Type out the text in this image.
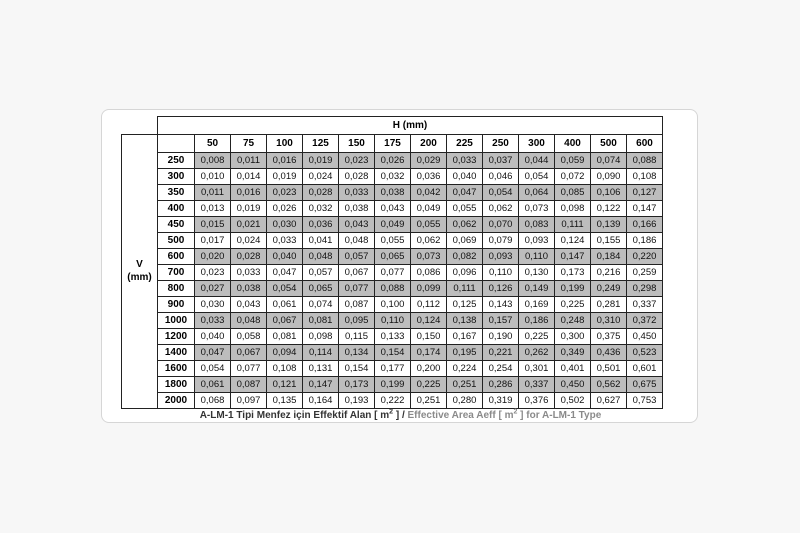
	H (mm)													
V
(mm)		50	75	100	125	150	175	200	225	250	300	400	500	600
	250	0,008	0,011	0,016	0,019	0,023	0,026	0,029	0,033	0,037	0,044	0,059	0,074	0,088
	300	0,010	0,014	0,019	0,024	0,028	0,032	0,036	0,040	0,046	0,054	0,072	0,090	0,108
	350	0,011	0,016	0,023	0,028	0,033	0,038	0,042	0,047	0,054	0,064	0,085	0,106	0,127
	400	0,013	0,019	0,026	0,032	0,038	0,043	0,049	0,055	0,062	0,073	0,098	0,122	0,147
	450	0,015	0,021	0,030	0,036	0,043	0,049	0,055	0,062	0,070	0,083	0,111	0,139	0,166
	500	0,017	0,024	0,033	0,041	0,048	0,055	0,062	0,069	0,079	0,093	0,124	0,155	0,186
	600	0,020	0,028	0,040	0,048	0,057	0,065	0,073	0,082	0,093	0,110	0,147	0,184	0,220
	700	0,023	0,033	0,047	0,057	0,067	0,077	0,086	0,096	0,110	0,130	0,173	0,216	0,259
	800	0,027	0,038	0,054	0,065	0,077	0,088	0,099	0,111	0,126	0,149	0,199	0,249	0,298
	900	0,030	0,043	0,061	0,074	0,087	0,100	0,112	0,125	0,143	0,169	0,225	0,281	0,337
	1000	0,033	0,048	0,067	0,081	0,095	0,110	0,124	0,138	0,157	0,186	0,248	0,310	0,372
	1200	0,040	0,058	0,081	0,098	0,115	0,133	0,150	0,167	0,190	0,225	0,300	0,375	0,450
	1400	0,047	0,067	0,094	0,114	0,134	0,154	0,174	0,195	0,221	0,262	0,349	0,436	0,523
	1600	0,054	0,077	0,108	0,131	0,154	0,177	0,200	0,224	0,254	0,301	0,401	0,501	0,601
	1800	0,061	0,087	0,121	0,147	0,173	0,199	0,225	0,251	0,286	0,337	0,450	0,562	0,675
	2000	0,068	0,097	0,135	0,164	0,193	0,222	0,251	0,280	0,319	0,376	0,502	0,627	0,753
A-LM-1 Tipi Menfez için Effektif Alan [ $m^2$ ] / Effective Area Aeff [ $m^2$ ] for A-LM-1 Type
